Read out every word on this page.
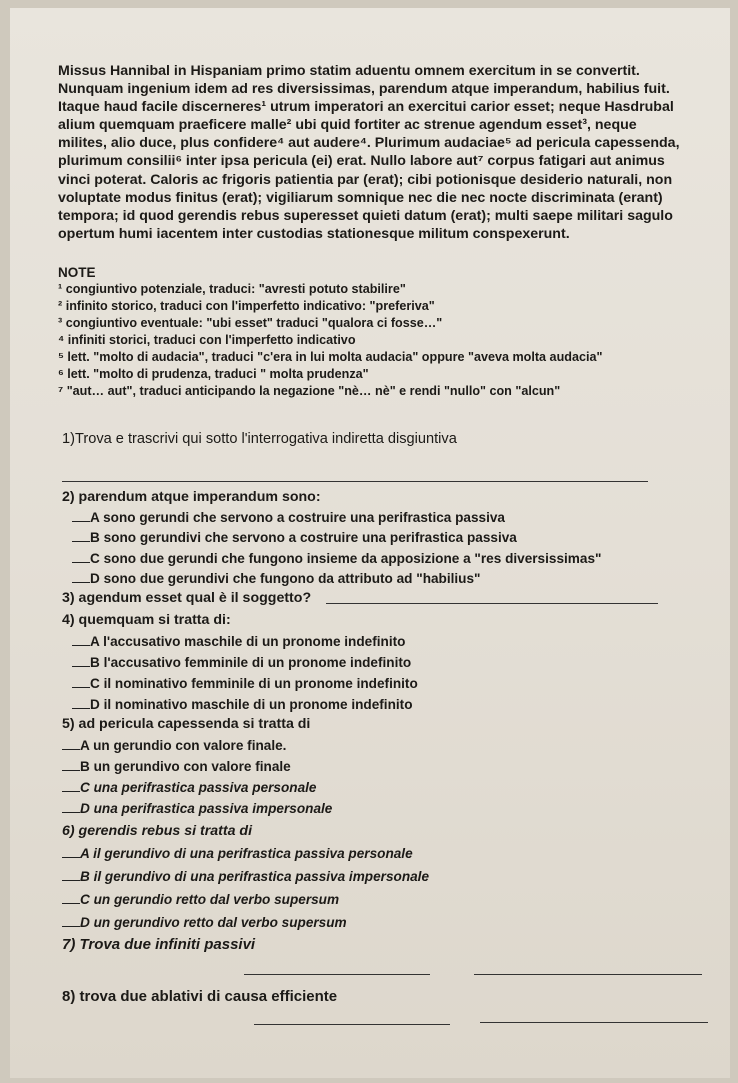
Missus Hannibal in Hispaniam primo statim aduentu omnem exercitum in se convertit.
Nunquam ingenium idem ad res diversissimas, parendum atque imperandum, habilius fuit.
Itaque haud facile discerneres¹ utrum imperatori an exercitui carior esset; neque Hasdrubal
alium quemquam praeficere malle² ubi quid fortiter ac strenue agendum esset³, neque
milites, alio duce, plus confidere⁴ aut audere⁴. Plurimum audaciae⁵ ad pericula capessenda,
plurimum consilii⁶ inter ipsa pericula (ei) erat. Nullo labore aut⁷ corpus fatigari aut animus
vinci poterat. Caloris ac frigoris patientia par (erat); cibi potionisque desiderio naturali, non
voluptate modus finitus (erat); vigiliarum somnique nec die nec nocte discriminata (erant)
tempora; id quod gerendis rebus superesset quieti datum (erat); multi saepe militari sagulo
opertum humi iacentem inter custodias stationesque militum conspexerunt.
NOTE
¹ congiuntivo potenziale, traduci: "avresti potuto stabilire"
² infinito storico, traduci con l'imperfetto indicativo: "preferiva"
³ congiuntivo eventuale: "ubi esset" traduci "qualora ci fosse…"
⁴ infiniti storici, traduci con l'imperfetto indicativo
⁵ lett. "molto di audacia", traduci "c'era in lui molta audacia" oppure "aveva molta audacia"
⁶ lett. "molto di prudenza, traduci " molta prudenza"
⁷ "aut… aut", traduci anticipando la negazione "nè… nè" e rendi "nullo" con "alcun"
1)Trova e trascrivi qui sotto l'interrogativa indiretta disgiuntiva
2) parendum atque imperandum sono:
A sono gerundi che servono a costruire una perifrastica passiva
B sono gerundivi che servono a costruire una perifrastica passiva
C sono due gerundi che fungono insieme da apposizione a "res diversissimas"
D sono due gerundivi che fungono da attributo ad "habilius"
3) agendum esset qual è il soggetto?
4) quemquam si tratta di:
A l'accusativo maschile di un pronome indefinito
B l'accusativo femminile di un pronome indefinito
C il nominativo femminile di un pronome indefinito
D il nominativo maschile di un pronome indefinito
5) ad pericula capessenda si tratta di
A un gerundio con valore finale.
B un gerundivo con valore finale
C una perifrastica passiva personale
D una perifrastica passiva impersonale
6) gerendis rebus si tratta di
A il gerundivo di una perifrastica passiva personale
B il gerundivo di una perifrastica passiva impersonale
C un gerundio retto dal verbo supersum
D un gerundivo retto dal verbo supersum
7) Trova due infiniti passivi
8) trova due ablativi di causa efficiente
